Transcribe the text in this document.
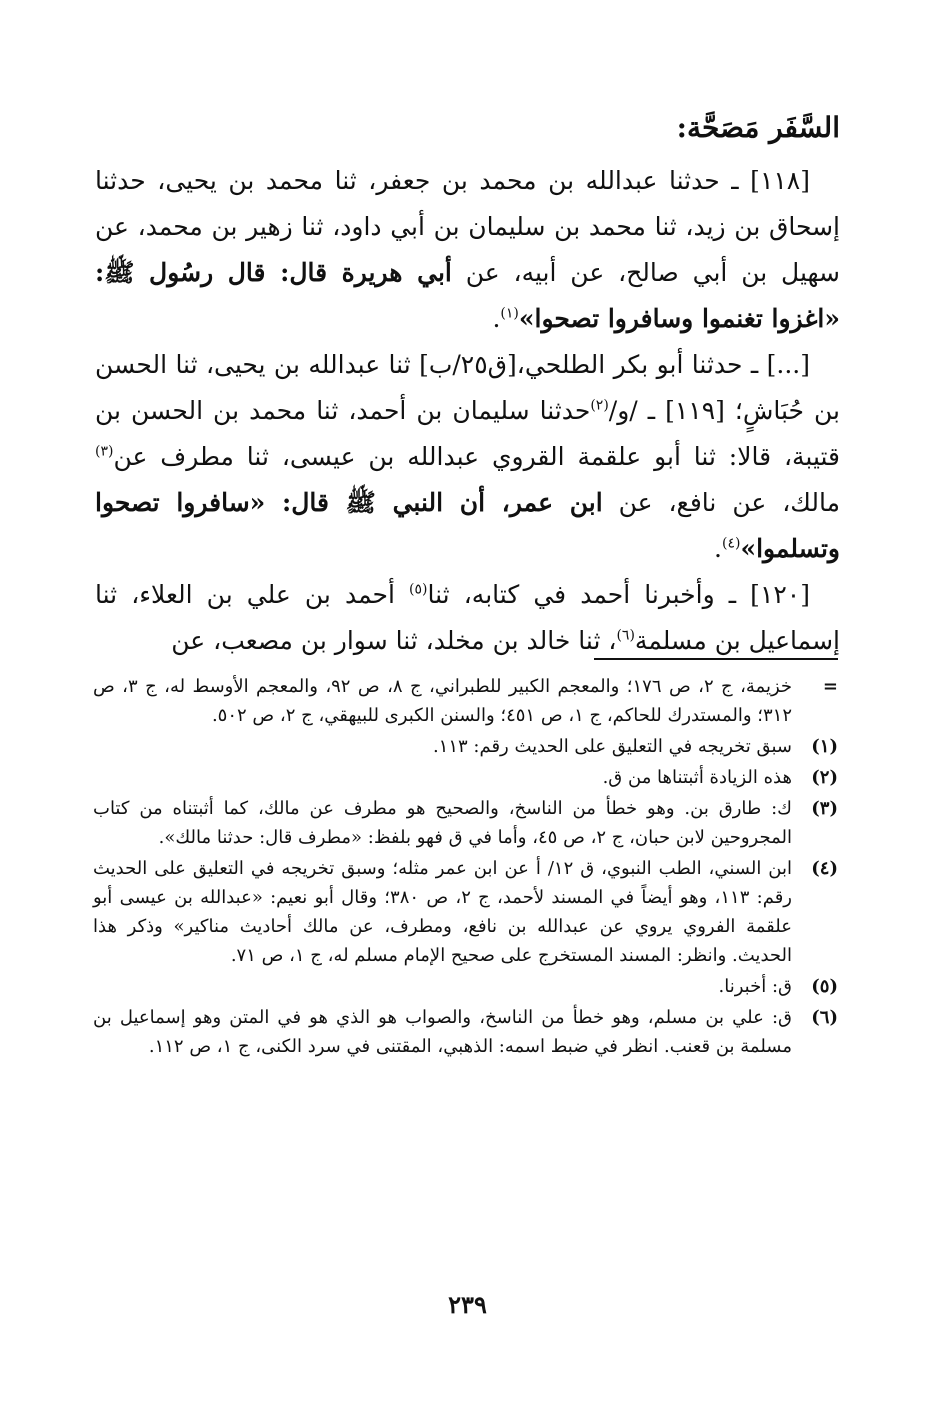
السَّفَر مَصَحَّة:

[١١٨] ـ حدثنا عبدالله بن محمد بن جعفر، ثنا محمد بن يحيى، حدثنا إسحاق بن زيد، ثنا محمد بن سليمان بن أبي داود، ثنا زهير بن محمد، عن سهيل بن أبي صالح، عن أبيه، عن أبي هريرة قال: قال رسُول ﷺ: «اغزوا تغنموا وسافروا تصحوا»$^{(١)}$.

[...] ـ حدثنا أبو بكر الطلحي،[ق٢٥/ب] ثنا عبدالله بن يحيى، ثنا الحسن بن حُبَاشٍ؛ [١١٩] ـ /و/$^{(٢)}$حدثنا سليمان بن أحمد، ثنا محمد بن الحسن بن قتيبة، قالا: ثنا أبو علقمة القروي عبدالله بن عيسى، ثنا مطرف عن$^{(٣)}$ مالك، عن نافع، عن ابن عمر، أن النبي ﷺ قال: «سافروا تصحوا وتسلموا»$^{(٤)}$.

[١٢٠] ـ وأخبرنا أحمد في كتابه، ثنا$^{(٥)}$ أحمد بن علي بن العلاء، ثنا إسماعيل بن مسلمة$^{(٦)}$، ثنا خالد بن مخلد، ثنا سوار بن مصعب، عن

=
خزيمة، ج ٢، ص ١٧٦؛ والمعجم الكبير للطبراني، ج ٨، ص ٩٢، والمعجم الأوسط له، ج ٣، ص ٣١٢؛ والمستدرك للحاكم، ج ١، ص ٤٥١؛ والسنن الكبرى للبيهقي، ج ٢، ص ٥٠٢.
(١)
سبق تخريجه في التعليق على الحديث رقم: ١١٣.
(٢)
هذه الزيادة أثبتناها من ق.
(٣)
ك: طارق بن. وهو خطأ من الناسخ، والصحيح هو مطرف عن مالك، كما أثبتناه من كتاب المجروحين لابن حبان، ج ٢، ص ٤٥، وأما في ق فهو بلفظ: «مطرف قال: حدثنا مالك».
(٤)
ابن السني، الطب النبوي، ق ١٢/ أ عن ابن عمر مثله؛ وسبق تخريجه في التعليق على الحديث رقم: ١١٣، وهو أيضاً في المسند لأحمد، ج ٢، ص ٣٨٠؛ وقال أبو نعيم: «عبدالله بن عيسى أبو علقمة الفروي يروي عن عبدالله بن نافع، ومطرف، عن مالك أحاديث مناكير» وذكر هذا الحديث. وانظر: المسند المستخرج على صحيح الإمام مسلم له، ج ١، ص ٧١.
(٥)
ق: أخبرنا.
(٦)
ق: علي بن مسلم، وهو خطأ من الناسخ، والصواب هو الذي هو في المتن وهو إسماعيل بن مسلمة بن قعنب. انظر في ضبط اسمه: الذهبي، المقتنى في سرد الكنى، ج ١، ص ١١٢.
٢٣٩
